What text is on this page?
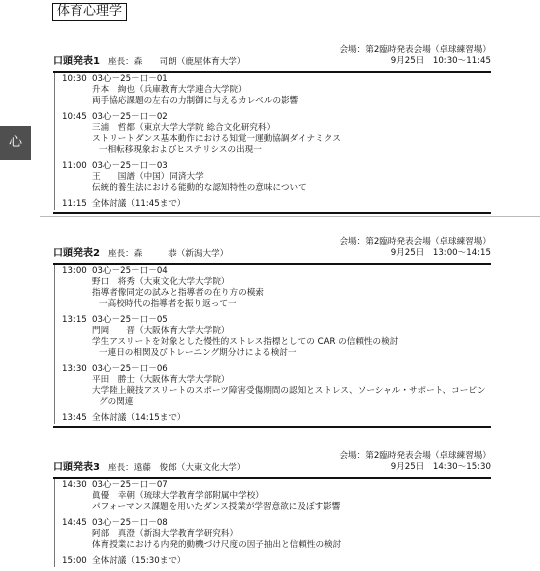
体育心理学
心
会場：第2臨時発表会場（卓球練習場）
口頭発表1 座長：森　　司朗（鹿屋体育大学）	9月25日　10:30〜11:45
10:30 03心－25－口－01
升本　絢也（兵庫教育大学連合大学院）
両手協応課題の左右の力制御に与えるカレベルの影響
10:45 03心－25－口－02
三浦　哲都（東京大学大学院 総合文化研究科）
ストリートダンス基本動作における知覚一運動協調ダイナミクス
一相転移現象およびヒステリシスの出現一
11:00 03心－25－口－03
王　　国譜（中国）同済大学
伝統的養生法における能動的な認知特性の意味について
11:15 全体討議（11:45まで）
会場：第2臨時発表会場（卓球練習場）
口頭発表2 座長：森　　　恭（新潟大学）	9月25日　13:00〜14:15
13:00 03心－25－口－04
野口　将秀（大東文化大学大学院）
指導者像同定の試みと指導者の在り方の模索
一高校時代の指導者を振り返って一
13:15 03心－25－口－05
門岡　　晋（大阪体育大学大学院）
学生アスリートを対象とした慢性的ストレス指標としての CAR の信頼性の検討
一連日の相関及びトレーニング期分けによる検討一
13:30 03心－25－口－06
平田　勝士（大阪体育大学大学院）
大学陸上競技アスリートのスポーツ障害受傷期間の認知とストレス、ソーシャル・サポート、コーピングの関連
13:45 全体討議（14:15まで）
会場：第2臨時発表会場（卓球練習場）
口頭発表3 座長：遠藤　俊郎（大東文化大学）	9月25日　14:30〜15:30
14:30 03心－25－口－07
眞優　幸朝（琉球大学教育学部附属中学校）
パフォーマンス課題を用いたダンス授業が学習意欲に及ぼす影響
14:45 03心－25－口－08
阿部　真澄（新潟大学教育学研究科）
体育授業における内発的動機づけ尺度の因子抽出と信頼性の検討
15:00 全体討議（15:30まで）
